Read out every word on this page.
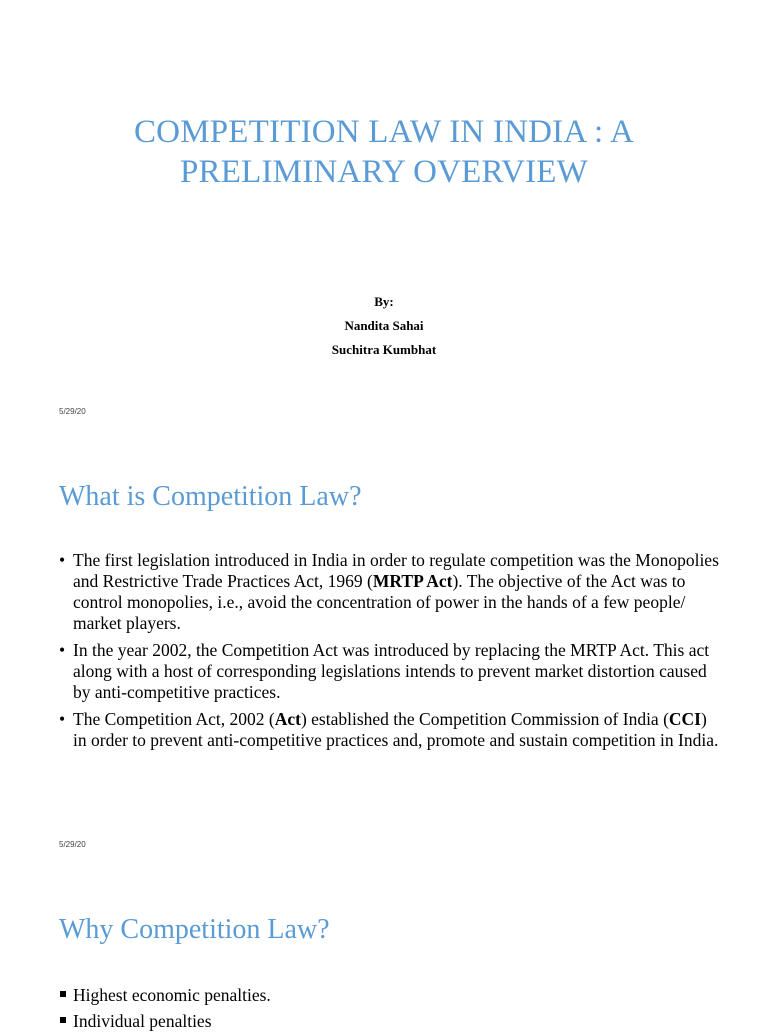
COMPETITION LAW IN INDIA : A
PRELIMINARY OVERVIEW
By:
Nandita Sahai
Suchitra Kumbhat
5/29/20
What is Competition Law?
• The first legislation introduced in India in order to regulate competition was the Monopolies and Restrictive Trade Practices Act, 1969 (MRTP Act). The objective of the Act was to control monopolies, i.e., avoid the concentration of power in the hands of a few people/ market players.
• In the year 2002, the Competition Act was introduced by replacing the MRTP Act. This act along with a host of corresponding legislations intends to prevent market distortion caused by anti-competitive practices.
• The Competition Act, 2002 (Act) established the Competition Commission of India (CCI) in order to prevent anti-competitive practices and, promote and sustain competition in India.
5/29/20
Why Competition Law?
Highest economic penalties.
Individual penalties
